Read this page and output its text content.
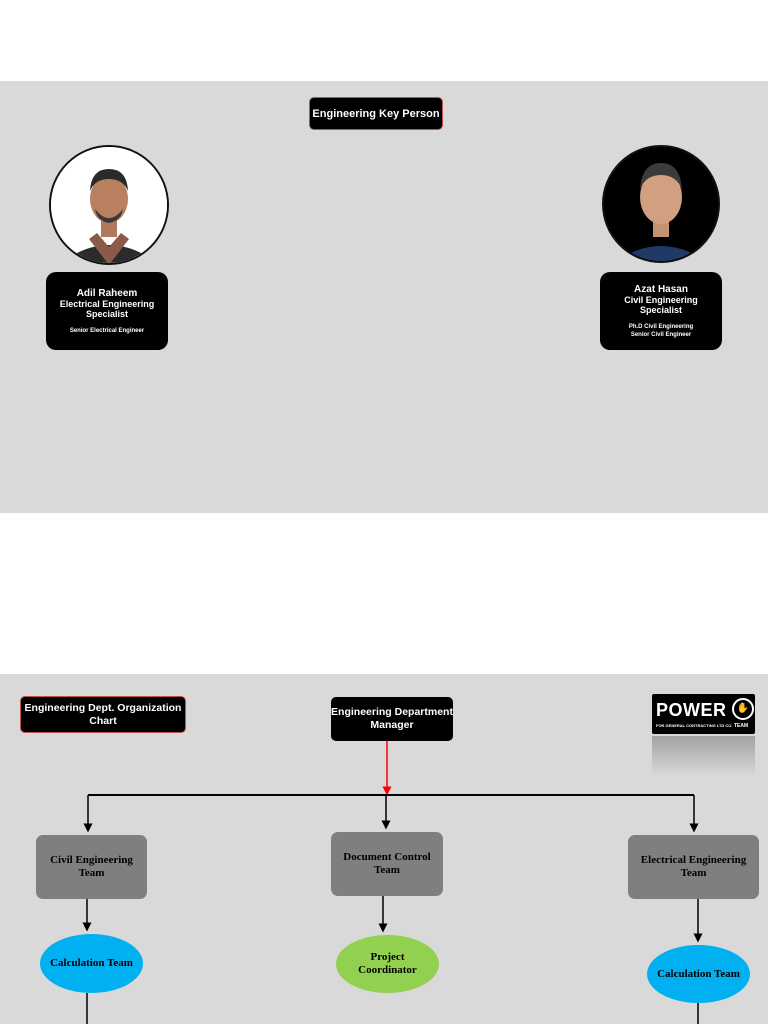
Engineering Key Person
Adil Raheem
Electrical Engineering
Specialist
Senior Electrical Engineer
Azat Hasan
Civil Engineering
Specialist
Ph.D Civil Engineering
Senior Civil Engineer
Engineering Dept. Organization
Chart
Engineering Department
Manager
POWER	✋
FOR GENERAL CONTRACTING LTD CO. TEAM
Civil Engineering
Team
Document Control
Team
Electrical Engineering
Team
Calculation Team	Project
Coordinator	Calculation Team
